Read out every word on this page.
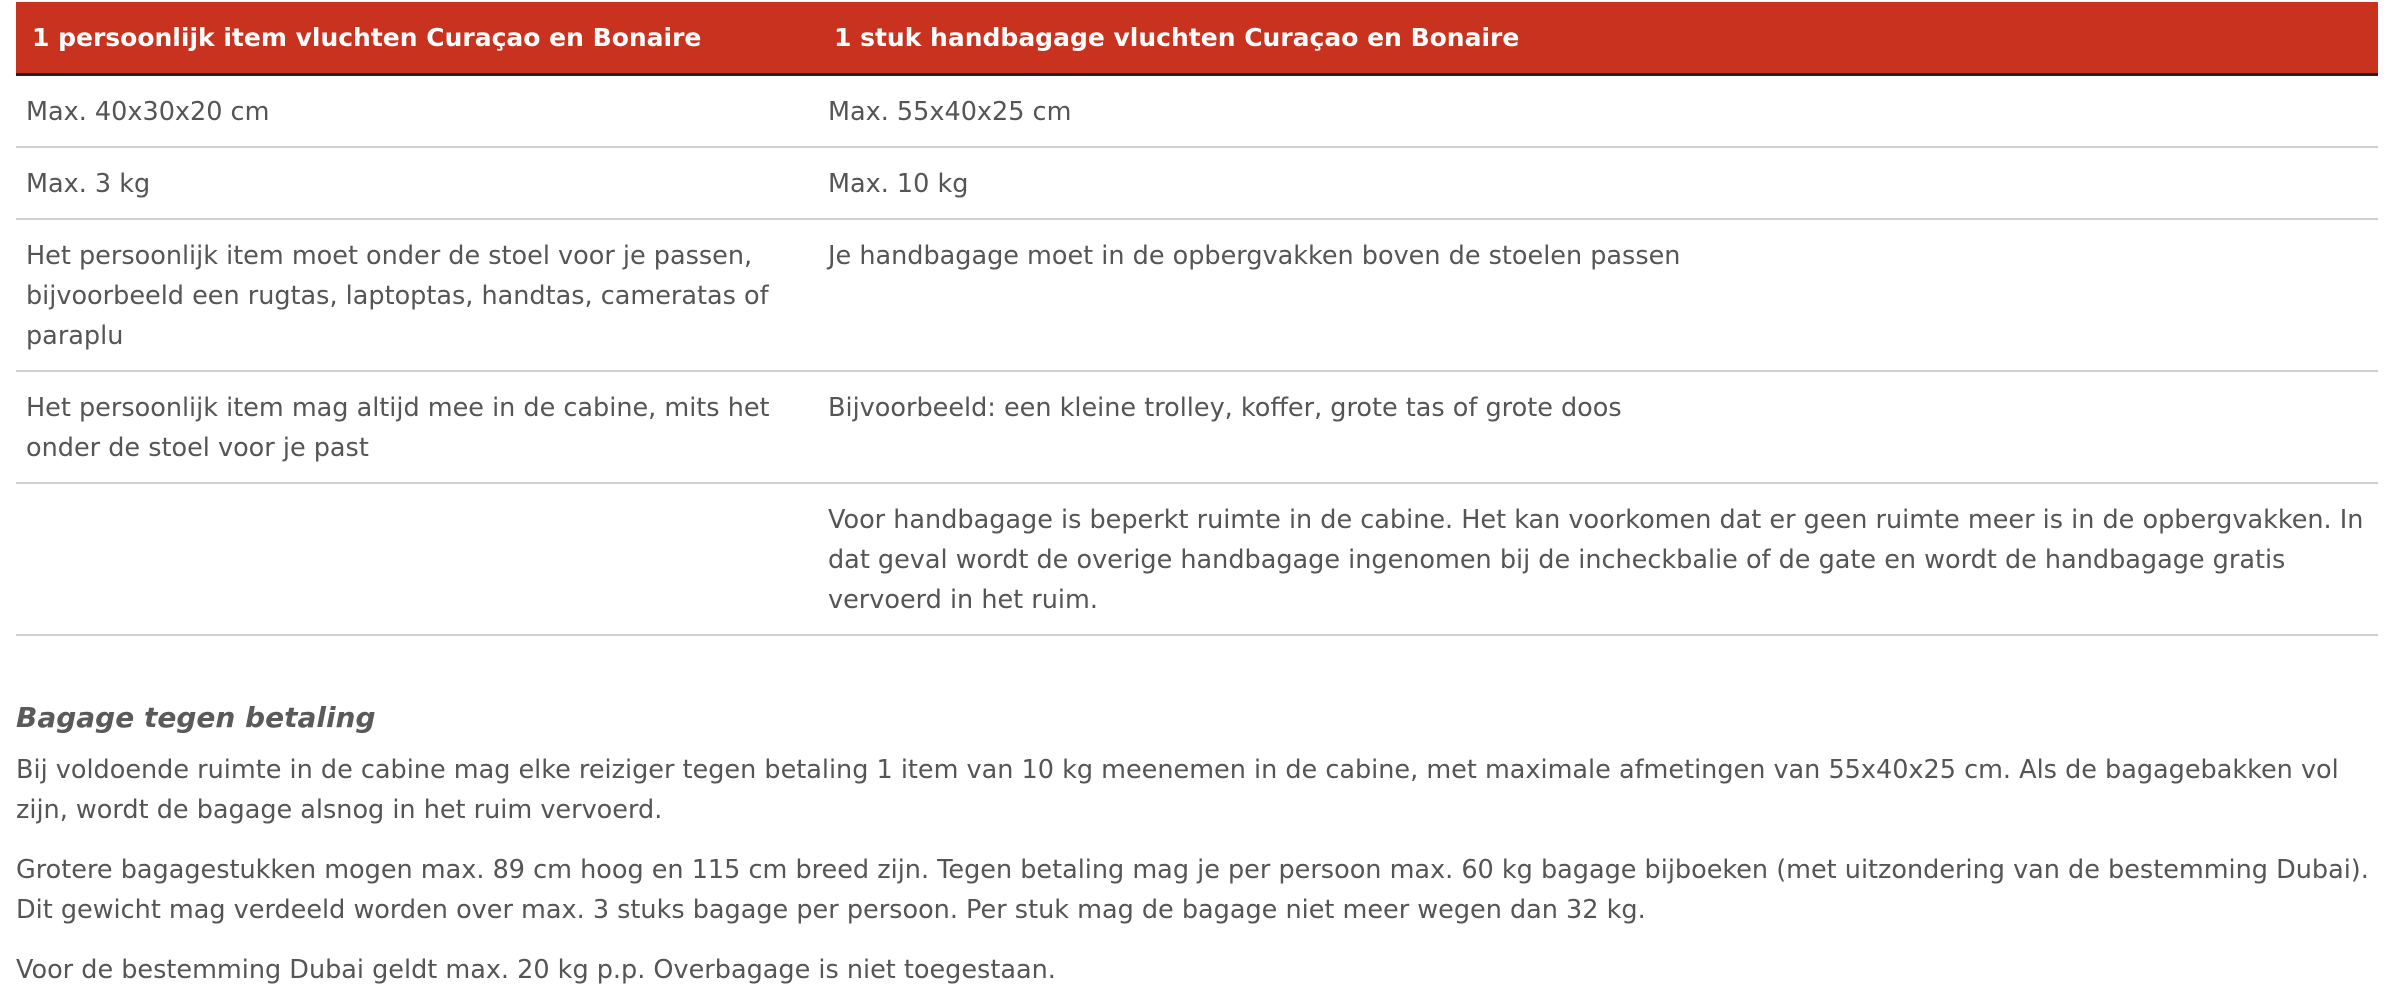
1 persoonlijk item vluchten Curaçao en Bonaire	1 stuk handbagage vluchten Curaçao en Bonaire
Max. 40x30x20 cm	Max. 55x40x25 cm
Max. 3 kg	Max. 10 kg
Het persoonlijk item moet onder de stoel voor je passen, bijvoorbeeld een rugtas, laptoptas, handtas, cameratas of paraplu	Je handbagage moet in de opbergvakken boven de stoelen passen
Het persoonlijk item mag altijd mee in de cabine, mits het onder de stoel voor je past	Bijvoorbeeld: een kleine trolley, koffer, grote tas of grote doos
	Voor handbagage is beperkt ruimte in de cabine. Het kan voorkomen dat er geen ruimte meer is in de opbergvakken. In dat geval wordt de overige handbagage ingenomen bij de incheckbalie of de gate en wordt de handbagage gratis vervoerd in het ruim.
Bagage tegen betaling

Bij voldoende ruimte in de cabine mag elke reiziger tegen betaling 1 item van 10 kg meenemen in de cabine, met maximale afmetingen van 55x40x25 cm. Als de bagagebakken vol zijn, wordt de bagage alsnog in het ruim vervoerd.

Grotere bagagestukken mogen max. 89 cm hoog en 115 cm breed zijn. Tegen betaling mag je per persoon max. 60 kg bagage bijboeken (met uitzondering van de bestemming Dubai). Dit gewicht mag verdeeld worden over max. 3 stuks bagage per persoon. Per stuk mag de bagage niet meer wegen dan 32 kg.

Voor de bestemming Dubai geldt max. 20 kg p.p. Overbagage is niet toegestaan.
